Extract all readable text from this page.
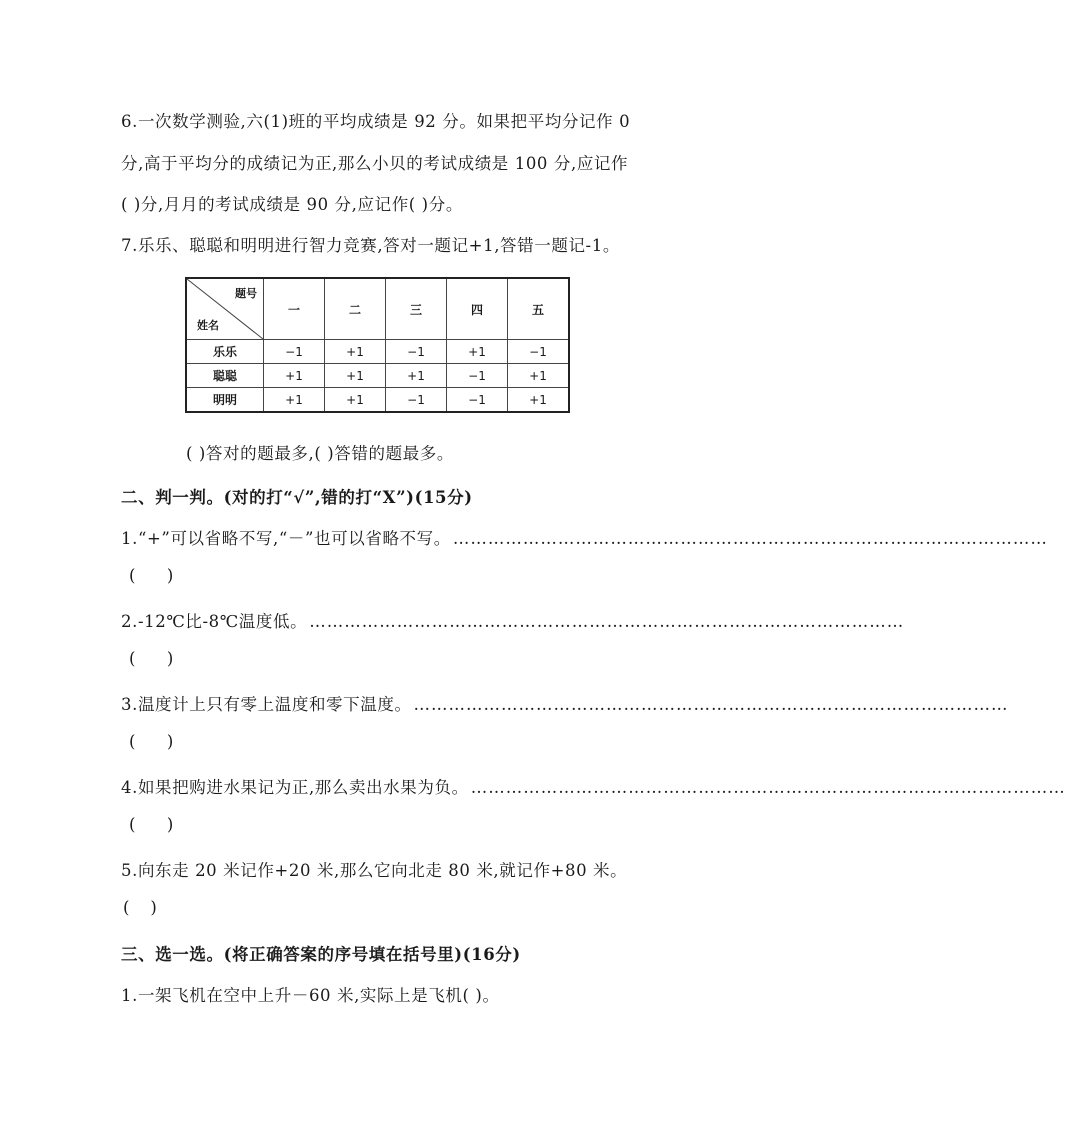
6.一次数学测验,六(1)班的平均成绩是 92 分。如果把平均分记作 0
分,高于平均分的成绩记为正,那么小贝的考试成绩是 100 分,应记作
( )分,月月的考试成绩是 90 分,应记作( )分。
7.乐乐、聪聪和明明进行智力竞赛,答对一题记+1,答错一题记-1。
题号
姓名	一	二	三	四	五
乐乐	−1	+1	−1	+1	−1
聪聪	+1	+1	+1	−1	+1
明明	+1	+1	−1	−1	+1
( )答对的题最多,( )答错的题最多。
二、判一判。(对的打“√”,错的打“X”)(15分)
1.“+”可以省略不写,“－”也可以省略不写。 …………………………………………………………………………………………
(      )
2.-12℃比-8℃温度低。 …………………………………………………………………………………………
(      )
3.温度计上只有零上温度和零下温度。 …………………………………………………………………………………………
(      )
4.如果把购进水果记为正,那么卖出水果为负。 …………………………………………………………………………………………
(      )
5.向东走 20 米记作+20 米,那么它向北走 80 米,就记作+80 米。
(    )
三、选一选。(将正确答案的序号填在括号里)(16分)
1.一架飞机在空中上升－60 米,实际上是飞机( )。
